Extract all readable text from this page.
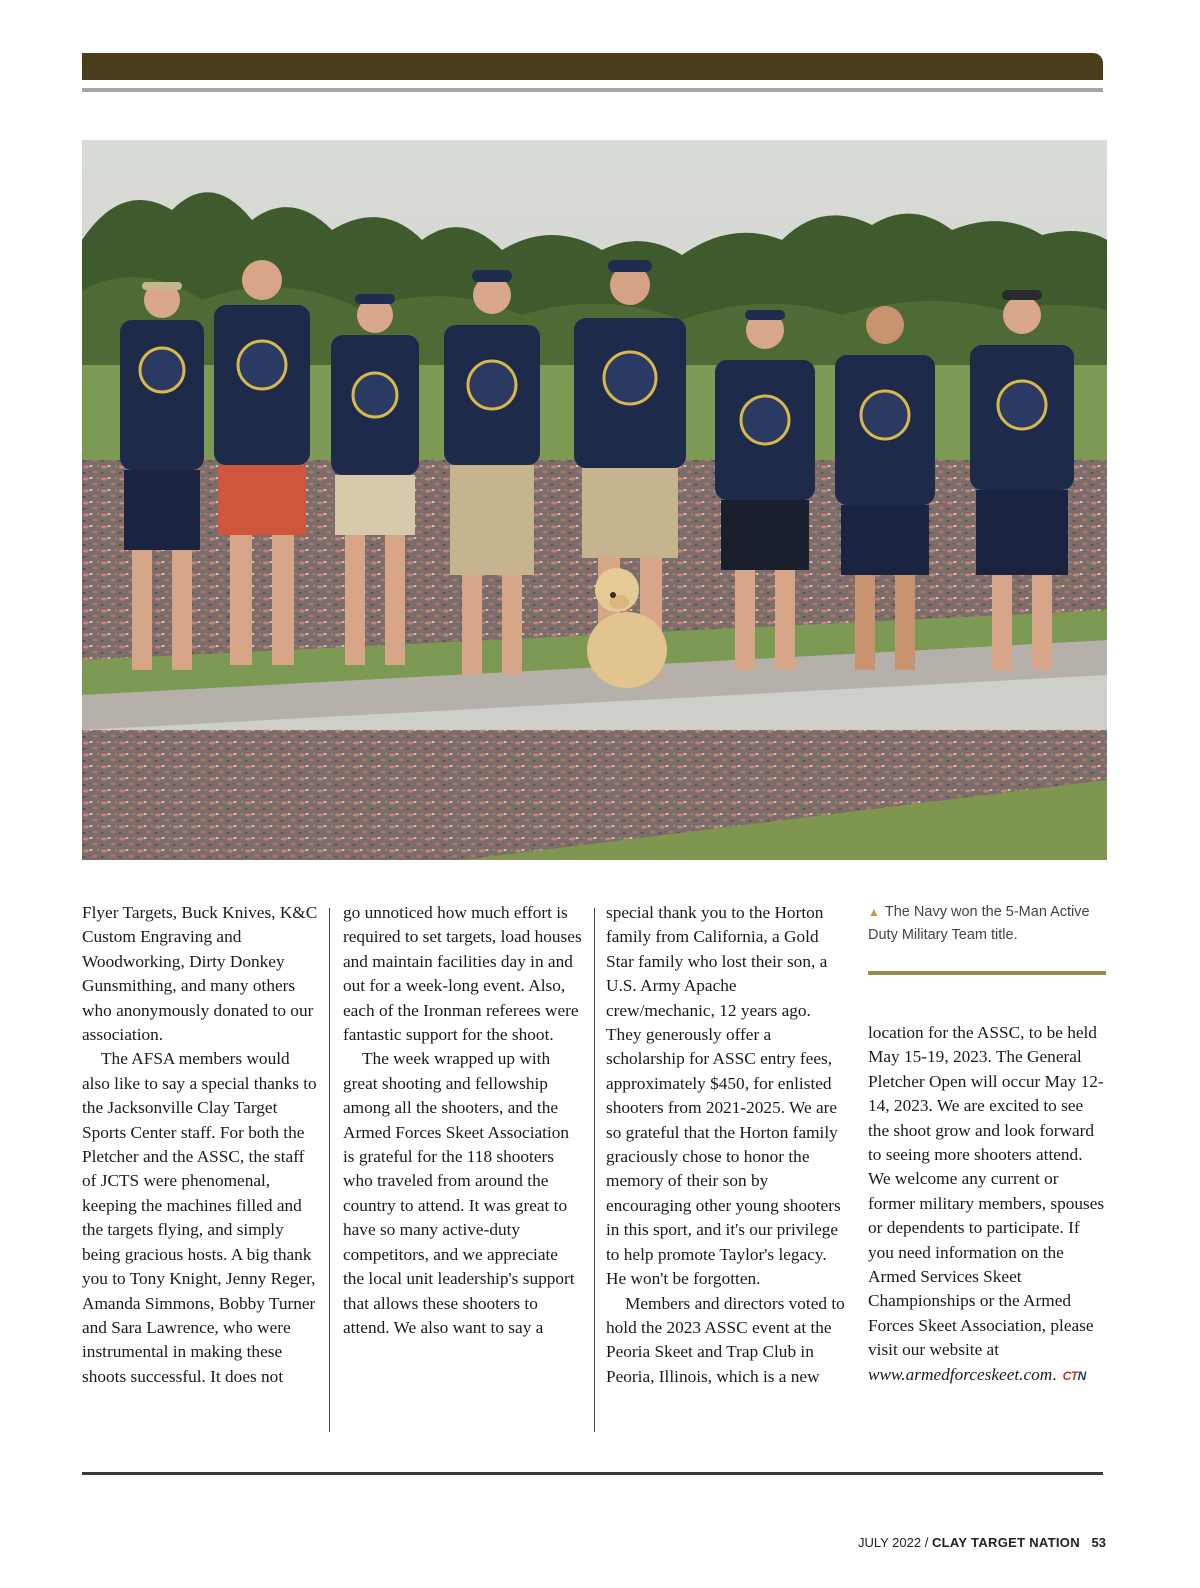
Flyer Targets, Buck Knives, K&C Custom Engraving and Woodworking, Dirty Donkey Gunsmithing, and many others who anonymously donated to our association.

The AFSA members would also like to say a special thanks to the Jacksonville Clay Target Sports Center staff. For both the Pletcher and the ASSC, the staff of JCTS were phenomenal, keeping the machines filled and the targets flying, and simply being gracious hosts. A big thank you to Tony Knight, Jenny Reger, Amanda Simmons, Bobby Turner and Sara Lawrence, who were instrumental in making these shoots successful. It does not

go unnoticed how much effort is required to set targets, load houses and maintain facilities day in and out for a week-long event. Also, each of the Ironman referees were fantastic support for the shoot.

The week wrapped up with great shooting and fellowship among all the shooters, and the Armed Forces Skeet Association is grateful for the 118 shooters who traveled from around the country to attend. It was great to have so many active-duty competitors, and we appreciate the local unit leadership's support that allows these shooters to attend. We also want to say a

special thank you to the Horton family from California, a Gold Star family who lost their son, a U.S. Army Apache crew/mechanic, 12 years ago. They generously offer a scholarship for ASSC entry fees, approximately $450, for enlisted shooters from 2021-2025. We are so grateful that the Horton family graciously chose to honor the memory of their son by encouraging other young shooters in this sport, and it's our privilege to help promote Taylor's legacy. He won't be forgotten.

Members and directors voted to hold the 2023 ASSC event at the Peoria Skeet and Trap Club in Peoria, Illinois, which is a new

▲ The Navy won the 5-Man Active Duty Military Team title.

location for the ASSC, to be held May 15-19, 2023. The General Pletcher Open will occur May 12-14, 2023. We are excited to see the shoot grow and look forward to seeing more shooters attend. We welcome any current or former military members, spouses or dependents to participate. If you need information on the Armed Services Skeet Championships or the Armed Forces Skeet Association, please visit our website at www.armedforceskeet.com. CTN

JULY 2022 / CLAY TARGET NATION 53
